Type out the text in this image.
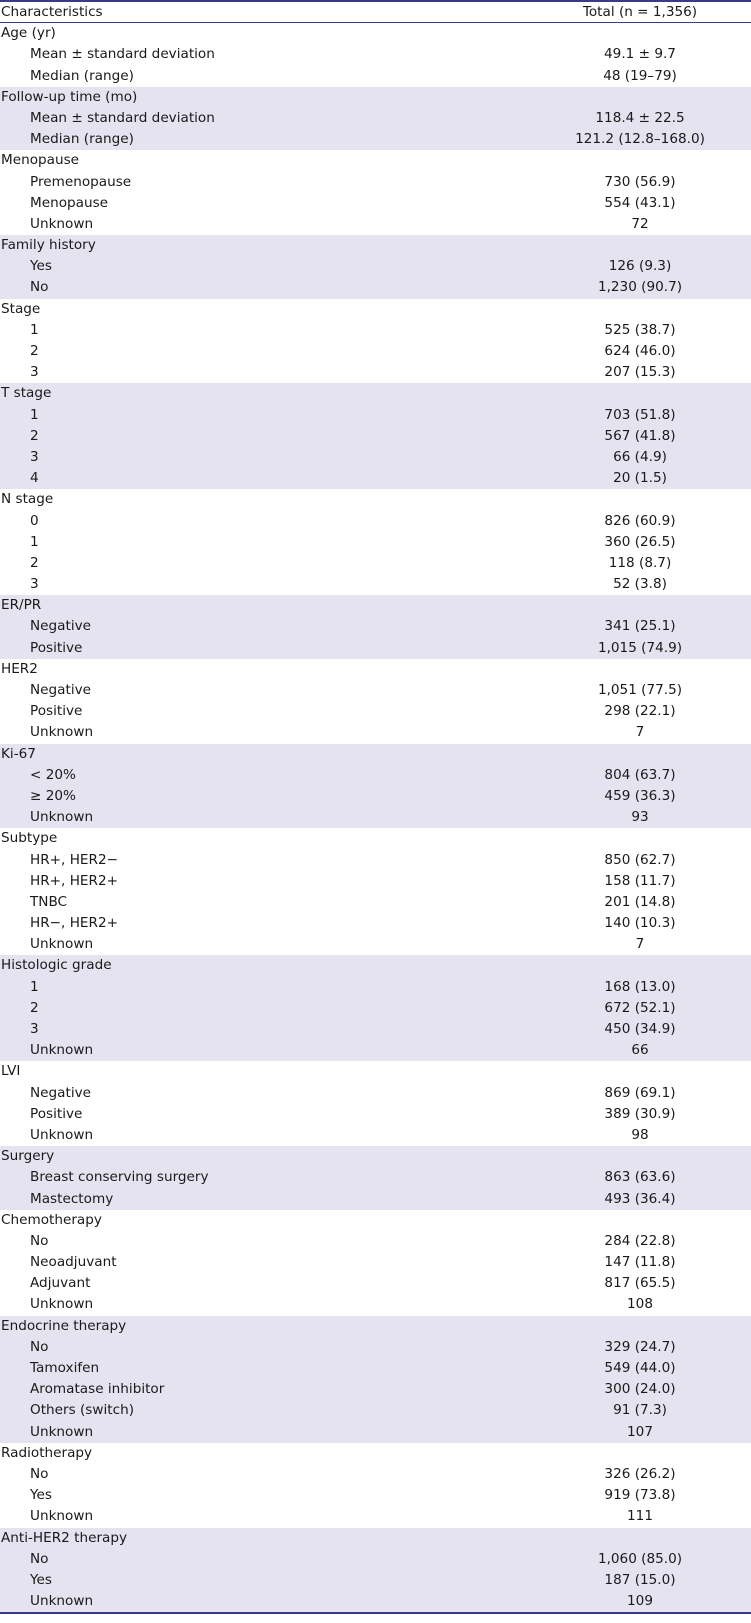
Characteristics	Total (n = 1,356)
Age (yr)
Mean ± standard deviation	49.1 ± 9.7
Median (range)	48 (19–79)
Follow-up time (mo)
Mean ± standard deviation	118.4 ± 22.5
Median (range)	121.2 (12.8–168.0)
Menopause
Premenopause	730 (56.9)
Menopause	554 (43.1)
Unknown	72
Family history
Yes	126 (9.3)
No	1,230 (90.7)
Stage
1	525 (38.7)
2	624 (46.0)
3	207 (15.3)
T stage
1	703 (51.8)
2	567 (41.8)
3	66 (4.9)
4	20 (1.5)
N stage
0	826 (60.9)
1	360 (26.5)
2	118 (8.7)
3	52 (3.8)
ER/PR
Negative	341 (25.1)
Positive	1,015 (74.9)
HER2
Negative	1,051 (77.5)
Positive	298 (22.1)
Unknown	7
Ki-67
< 20%	804 (63.7)
≥ 20%	459 (36.3)
Unknown	93
Subtype
HR+, HER2−	850 (62.7)
HR+, HER2+	158 (11.7)
TNBC	201 (14.8)
HR−, HER2+	140 (10.3)
Unknown	7
Histologic grade
1	168 (13.0)
2	672 (52.1)
3	450 (34.9)
Unknown	66
LVI
Negative	869 (69.1)
Positive	389 (30.9)
Unknown	98
Surgery
Breast conserving surgery	863 (63.6)
Mastectomy	493 (36.4)
Chemotherapy
No	284 (22.8)
Neoadjuvant	147 (11.8)
Adjuvant	817 (65.5)
Unknown	108
Endocrine therapy
No	329 (24.7)
Tamoxifen	549 (44.0)
Aromatase inhibitor	300 (24.0)
Others (switch)	91 (7.3)
Unknown	107
Radiotherapy
No	326 (26.2)
Yes	919 (73.8)
Unknown	111
Anti-HER2 therapy
No	1,060 (85.0)
Yes	187 (15.0)
Unknown	109
